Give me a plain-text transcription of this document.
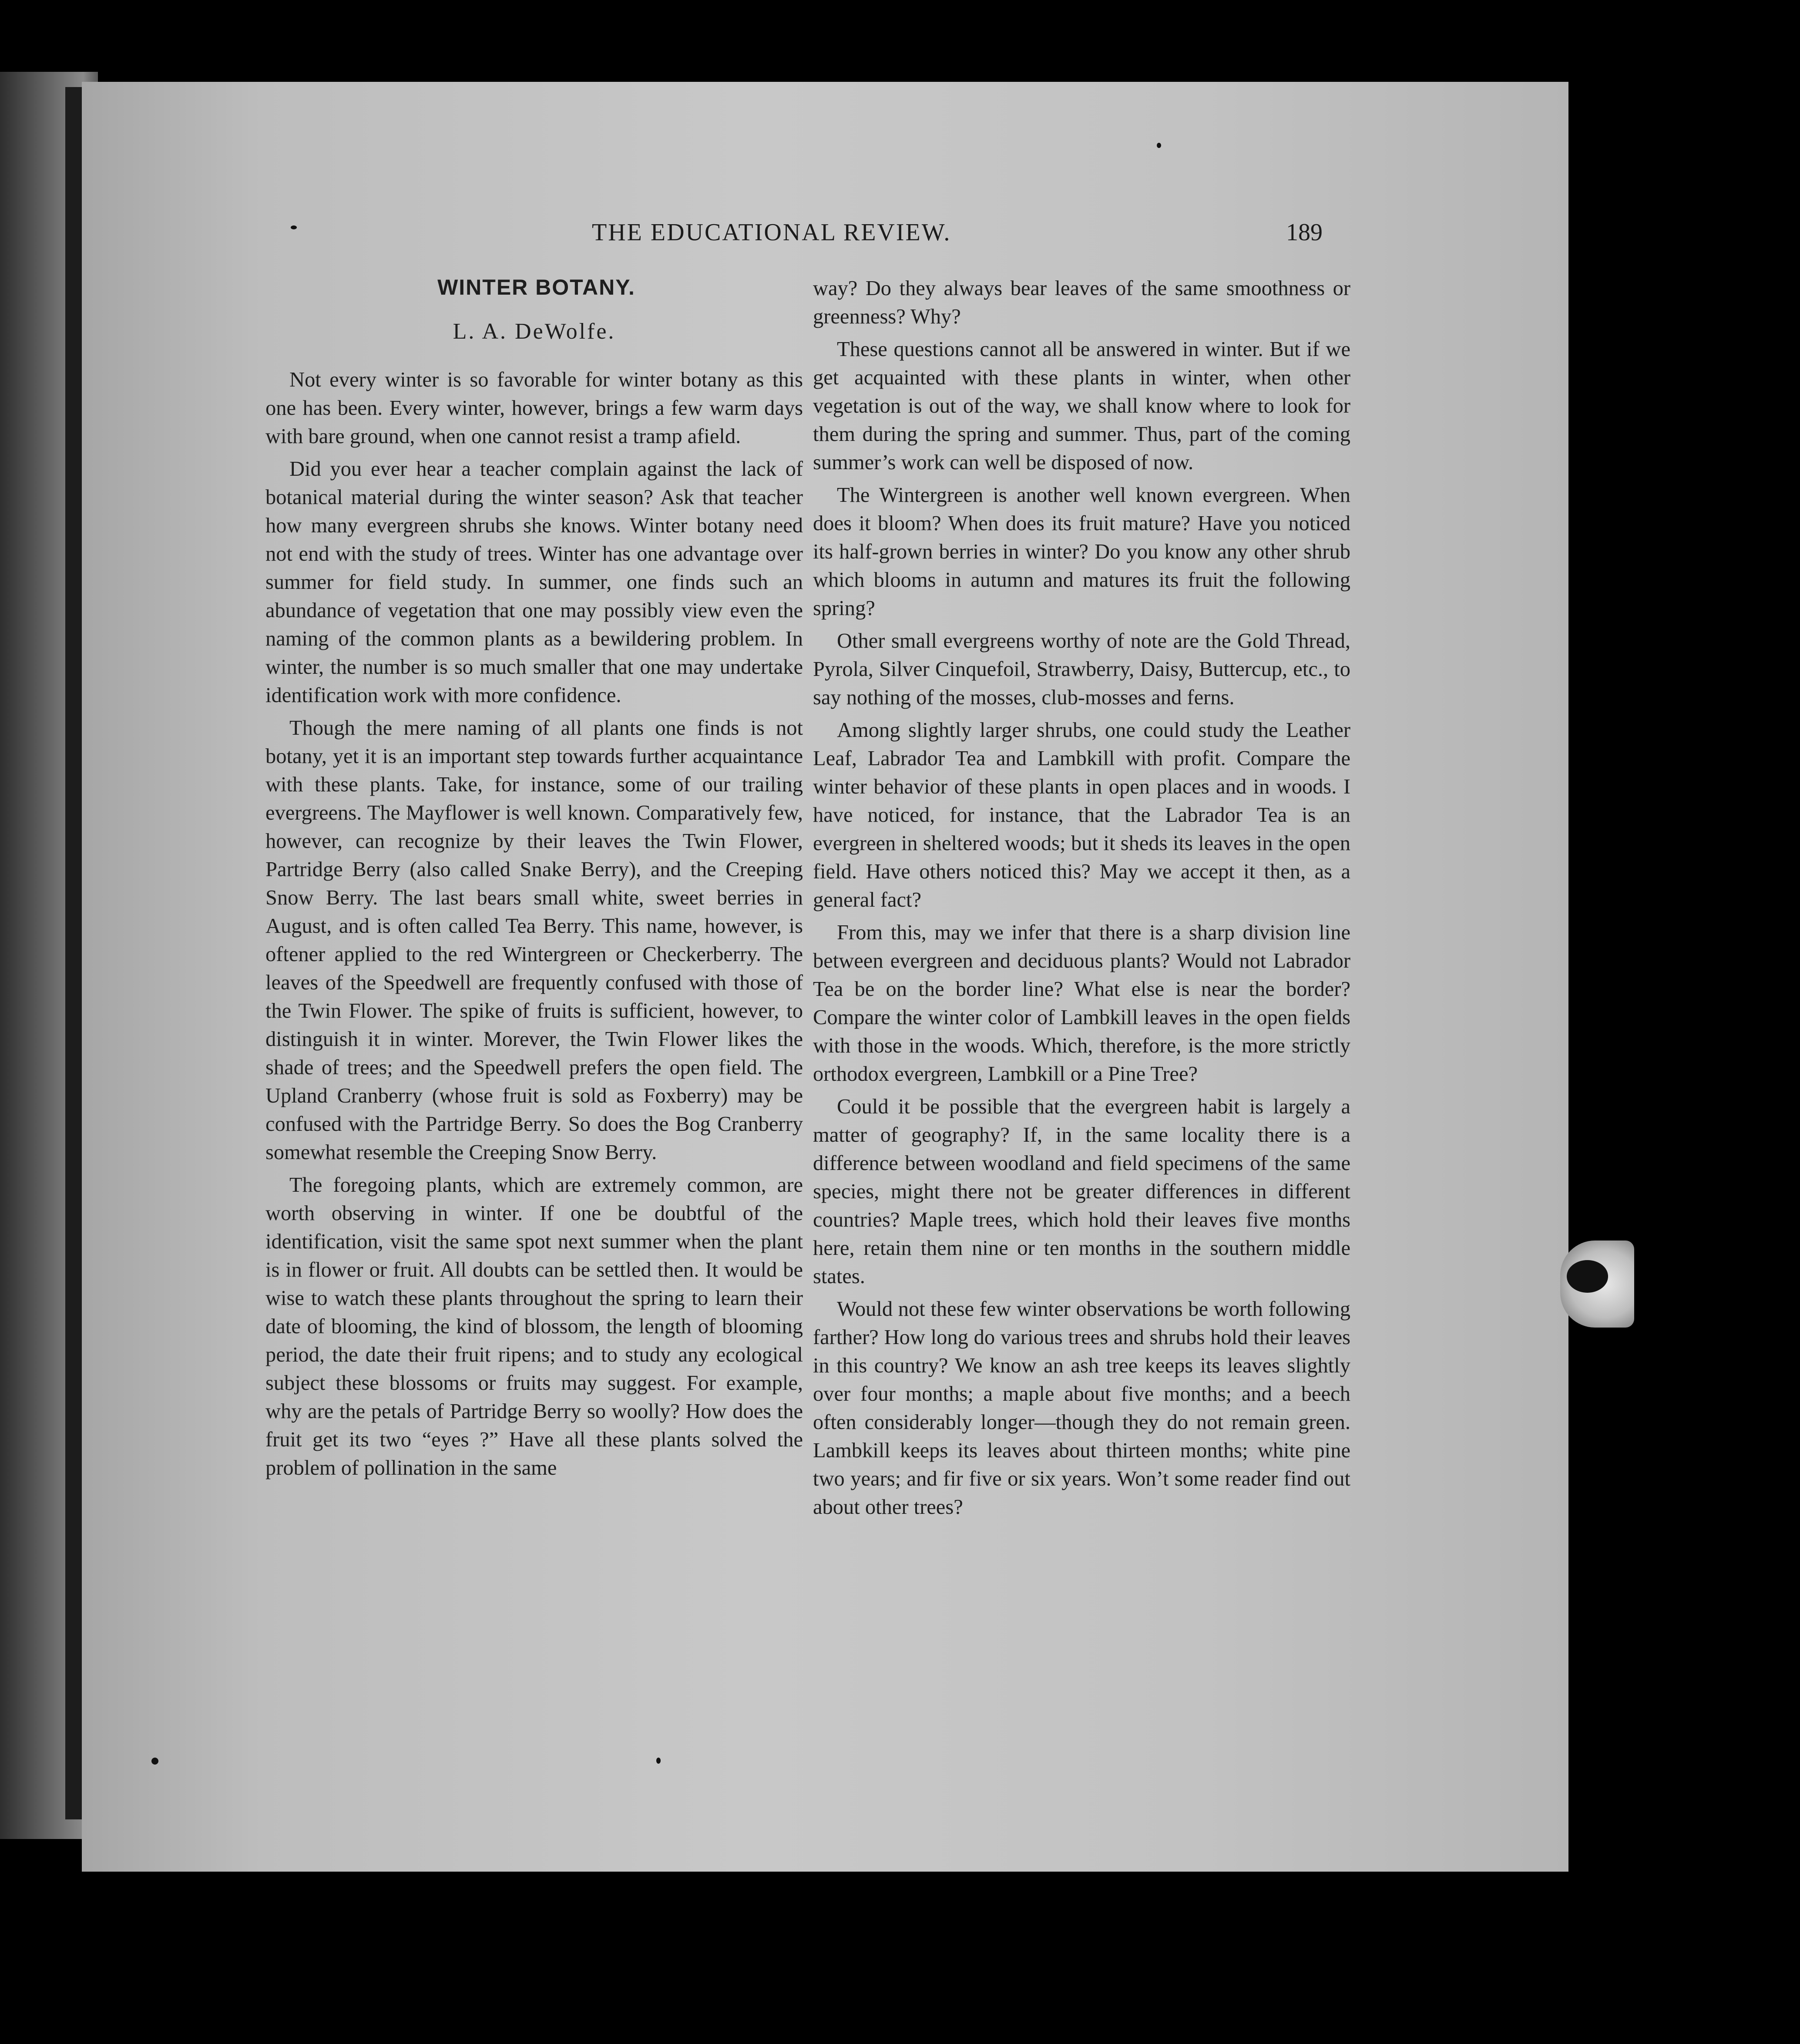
THE EDUCATIONAL REVIEW.	189
WINTER BOTANY.
L. A. DeWolfe.

Not every winter is so favorable for winter botany as this one has been. Every winter, however, brings a few warm days with bare ground, when one cannot resist a tramp afield.

Did you ever hear a teacher complain against the lack of botanical material during the winter season? Ask that teacher how many evergreen shrubs she knows. Winter botany need not end with the study of trees. Winter has one advantage over summer for field study. In summer, one finds such an abundance of vegetation that one may possibly view even the naming of the common plants as a bewildering problem. In winter, the number is so much smaller that one may undertake identification work with more confidence.

Though the mere naming of all plants one finds is not botany, yet it is an important step towards further acquaintance with these plants. Take, for instance, some of our trailing evergreens. The Mayflower is well known. Comparatively few, however, can recognize by their leaves the Twin Flower, Partridge Berry (also called Snake Berry), and the Creeping Snow Berry. The last bears small white, sweet berries in August, and is often called Tea Berry. This name, however, is oftener applied to the red Wintergreen or Checkerberry. The leaves of the Speedwell are frequently confused with those of the Twin Flower. The spike of fruits is sufficient, however, to distinguish it in winter. Morever, the Twin Flower likes the shade of trees; and the Speedwell prefers the open field. The Upland Cranberry (whose fruit is sold as Foxberry) may be confused with the Partridge Berry. So does the Bog Cranberry somewhat resemble the Creeping Snow Berry.

The foregoing plants, which are extremely common, are worth observing in winter. If one be doubtful of the identification, visit the same spot next summer when the plant is in flower or fruit. All doubts can be settled then. It would be wise to watch these plants throughout the spring to learn their date of blooming, the kind of blossom, the length of blooming period, the date their fruit ripens; and to study any ecological subject these blossoms or fruits may suggest. For example, why are the petals of Partridge Berry so woolly? How does the fruit get its two “eyes ?” Have all these plants solved the problem of pollination in the same

way? Do they always bear leaves of the same smoothness or greenness? Why?

These questions cannot all be answered in winter. But if we get acquainted with these plants in winter, when other vegetation is out of the way, we shall know where to look for them during the spring and summer. Thus, part of the coming summer’s work can well be disposed of now.

The Wintergreen is another well known evergreen. When does it bloom? When does its fruit mature? Have you noticed its half-grown berries in winter? Do you know any other shrub which blooms in autumn and matures its fruit the following spring?

Other small evergreens worthy of note are the Gold Thread, Pyrola, Silver Cinquefoil, Strawberry, Daisy, Buttercup, etc., to say nothing of the mosses, club-mosses and ferns.

Among slightly larger shrubs, one could study the Leather Leaf, Labrador Tea and Lambkill with profit. Compare the winter behavior of these plants in open places and in woods. I have noticed, for instance, that the Labrador Tea is an evergreen in sheltered woods; but it sheds its leaves in the open field. Have others noticed this? May we accept it then, as a general fact?

From this, may we infer that there is a sharp division line between evergreen and deciduous plants? Would not Labrador Tea be on the border line? What else is near the border? Compare the winter color of Lambkill leaves in the open fields with those in the woods. Which, therefore, is the more strictly orthodox evergreen, Lambkill or a Pine Tree?

Could it be possible that the evergreen habit is largely a matter of geography? If, in the same locality there is a difference between woodland and field specimens of the same species, might there not be greater differences in different countries? Maple trees, which hold their leaves five months here, retain them nine or ten months in the southern middle states.

Would not these few winter observations be worth following farther? How long do various trees and shrubs hold their leaves in this country? We know an ash tree keeps its leaves slightly over four months; a maple about five months; and a beech often considerably longer—though they do not remain green. Lambkill keeps its leaves about thirteen months; white pine two years; and fir five or six years. Won’t some reader find out about other trees?
